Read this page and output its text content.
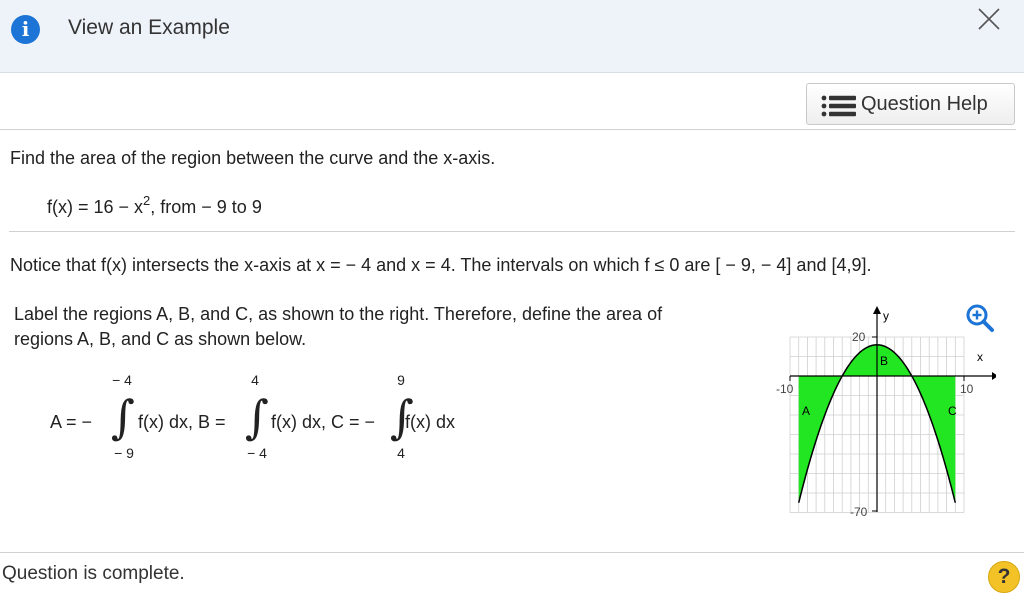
i	View an Example
Question Help
Find the area of the region between the curve and the x-axis.
$f(x) = 16 - x^2$, from − 9 to 9
Notice that f(x) intersects the x-axis at x = − 4 and x = 4. The intervals on which f ≤ 0 are [ − 9, − 4] and [4,9].
Label the regions A, B, and C, as shown to the right. Therefore, define the area of
regions A, B, and C as shown below.
− 4	4	9
A = − ∫ f(x) dx, B = ∫ f(x) dx, C = − ∫
f(x) dx
− 9	− 4	4
y
x
20
-70
-10	10
A
B
C
Question is complete.	?
